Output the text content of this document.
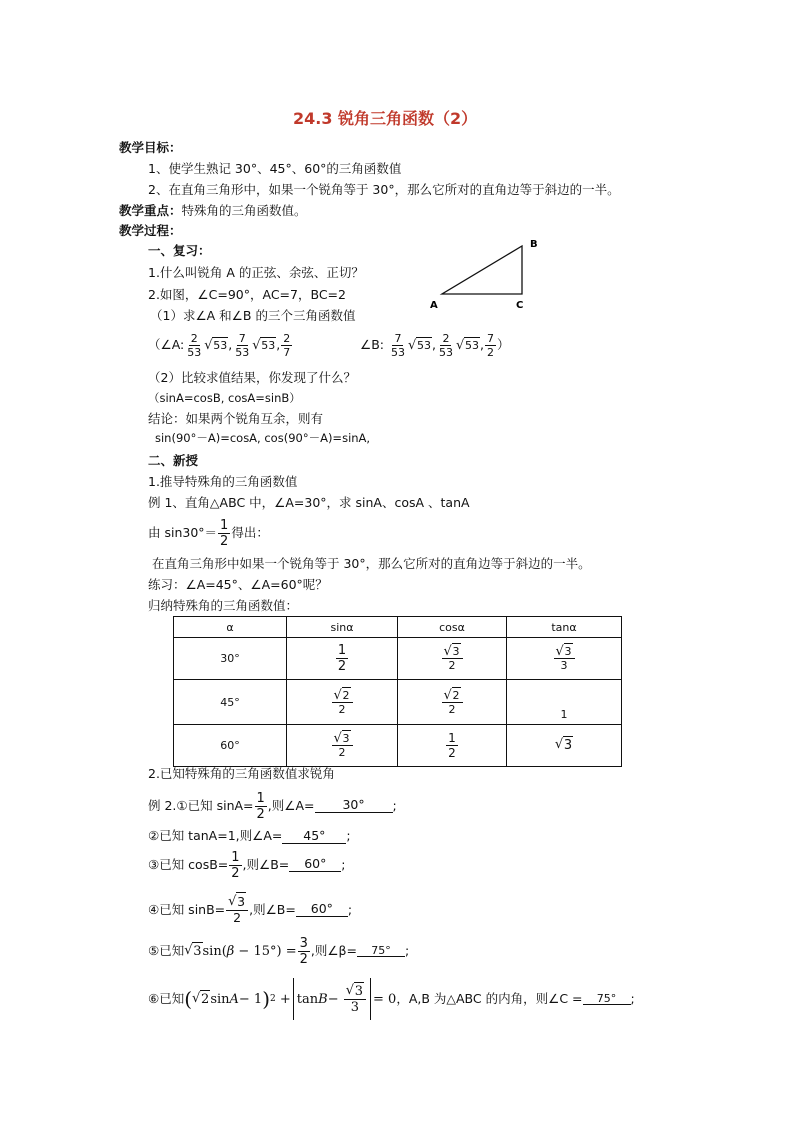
24.3 锐角三角函数（2）
教学目标：
1、使学生熟记 30°、45°、60°的三角函数值
2、在直角三角形中，如果一个锐角等于 30°，那么它所对的直角边等于斜边的一半。
教学重点：特殊角的三角函数值。
教学过程：
一、复习：
1.什么叫锐角 A 的正弦、余弦、正切？
2.如图，∠C=90°，AC=7，BC=2
A	C
B
（1）求∠A 和∠B 的三个三角函数值
（∠A: $\frac{2}{53}$ √ 53 , $\frac{7}{53}$ √ 53 , $\frac{2}{7}$	∠B:
$\frac{7}{53}$ √ 53 , $\frac{2}{53}$ √ 53 , $\frac{7}{2}$ ）
（2）比较求值结果，你发现了什么？
（sinA=cosB, cosA=sinB）
结论：如果两个锐角互余，则有
sin(90°－A)=cosA, cos(90°－A)=sinA,
二、新授
1.推导特殊角的三角函数值
例 1、直角△ABC 中，∠A=30°，求 sinA、cosA 、tanA
由 $\sin 30^\circ= \frac{1}{2}$ 得出：
在直角三角形中如果一个锐角等于 30°，那么它所对的直角边等于斜边的一半。
练习：∠A=45°、∠A=60°呢？
归纳特殊角的三角函数值：
α	sinα	cosα	tanα
30°	$\frac{1}{2}$	√ $\frac{3}{2}$	√ $\frac{3}{3}$

45°	√ $\frac{2}{2}$	√ $\frac{2}{2}$	1
60°	√ $\frac{3}{2}$	$\frac{1}{2}$	√ 3
2.已知特殊角的三角函数值求锐角
例 2.①已知 $\sin A= \frac{1}{2}$ ,则∠A=	30°	;
②已知 tanA=1,则∠A= 45° ;
③已知 $\cos B= \frac{1}{2}$ ,则∠B=	60°	;
④已知 sinB= √ $\frac{3}{2}$ ,则∠B=	60°	;
⑤已知 √ $3\sin(\beta - 15^\circ) = \frac{3}{2}$ ,则∠β=	75°	;
⑥已知 ( √ 2 sin A − 1 ) 2 + tan B − √ $\frac{3}{3} = 0$ ，A,B 为△ABC 的内角，则∠C =	75°	;
